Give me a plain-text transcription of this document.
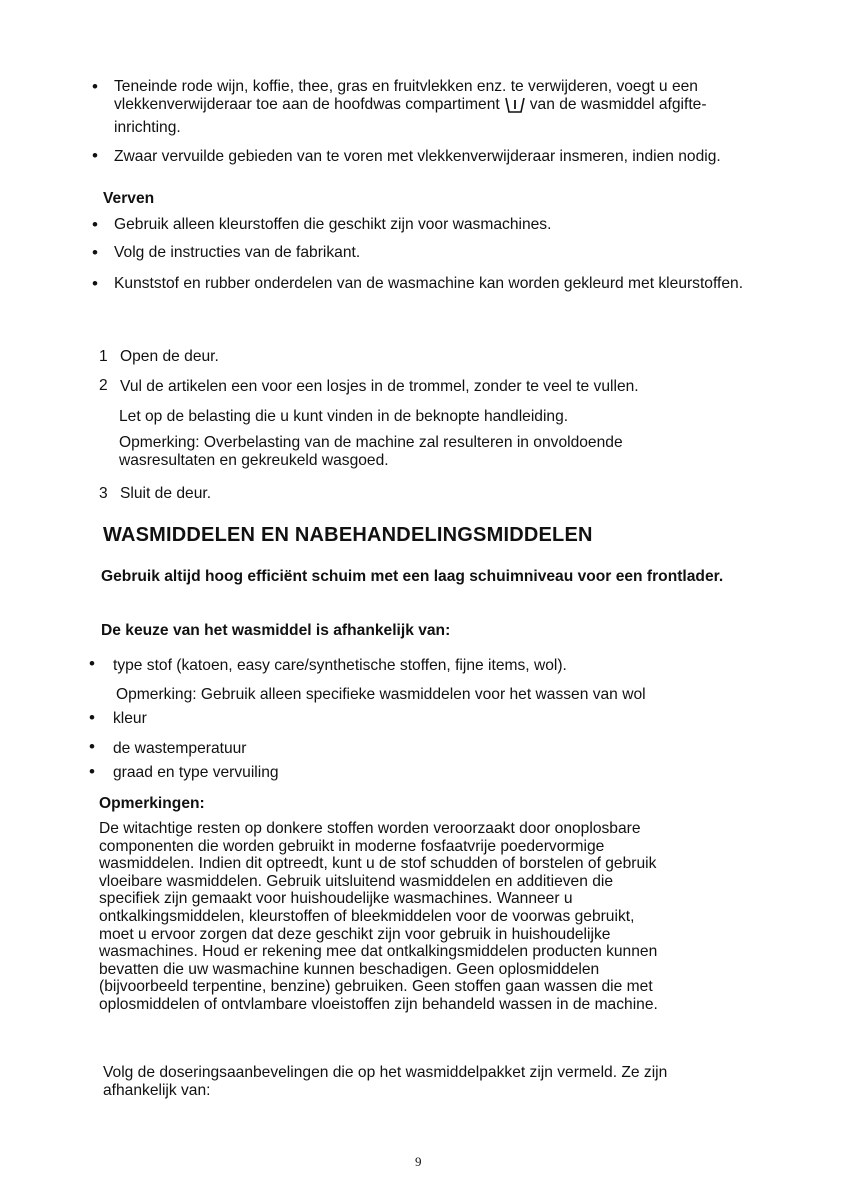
• Teneinde rode wijn, koffie, thee, gras en fruitvlekken enz. te verwijderen, voegt u een vlekkenverwijderaar toe aan de hoofdwas compartiment van de wasmiddel afgifte-inrichting.
• Zwaar vervuilde gebieden van te voren met vlekkenverwijderaar insmeren, indien nodig.
Verven
• Gebruik alleen kleurstoffen die geschikt zijn voor wasmachines.
• Volg de instructies van de fabrikant.
• Kunststof en rubber onderdelen van de wasmachine kan worden gekleurd met kleurstoffen.
1 Open de deur.
2 Vul de artikelen een voor een losjes in de trommel, zonder te veel te vullen.
Let op de belasting die u kunt vinden in de beknopte handleiding.
Opmerking: Overbelasting van de machine zal resulteren in onvoldoende wasresultaten en gekreukeld wasgoed.
3 Sluit de deur.
WASMIDDELEN EN NABEHANDELINGSMIDDELEN
Gebruik altijd hoog efficiënt schuim met een laag schuimniveau voor een frontlader.
De keuze van het wasmiddel is afhankelijk van:
• type stof (katoen, easy care/synthetische stoffen, fijne items, wol).
Opmerking: Gebruik alleen specifieke wasmiddelen voor het wassen van wol
• kleur
• de wastemperatuur
• graad en type vervuiling
Opmerkingen:
De witachtige resten op donkere stoffen worden veroorzaakt door onoplosbare
componenten die worden gebruikt in moderne fosfaatvrije poedervormige
wasmiddelen. Indien dit optreedt, kunt u de stof schudden of borstelen of gebruik
vloeibare wasmiddelen. Gebruik uitsluitend wasmiddelen en additieven die
specifiek zijn gemaakt voor huishoudelijke wasmachines. Wanneer u
ontkalkingsmiddelen, kleurstoffen of bleekmiddelen voor de voorwas gebruikt,
moet u ervoor zorgen dat deze geschikt zijn voor gebruik in huishoudelijke
wasmachines. Houd er rekening mee dat ontkalkingsmiddelen producten kunnen
bevatten die uw wasmachine kunnen beschadigen. Geen oplosmiddelen
(bijvoorbeeld terpentine, benzine) gebruiken. Geen stoffen gaan wassen die met
oplosmiddelen of ontvlambare vloeistoffen zijn behandeld wassen in de machine.
Volg de doseringsaanbevelingen die op het wasmiddelpakket zijn vermeld. Ze zijn afhankelijk van:
9
